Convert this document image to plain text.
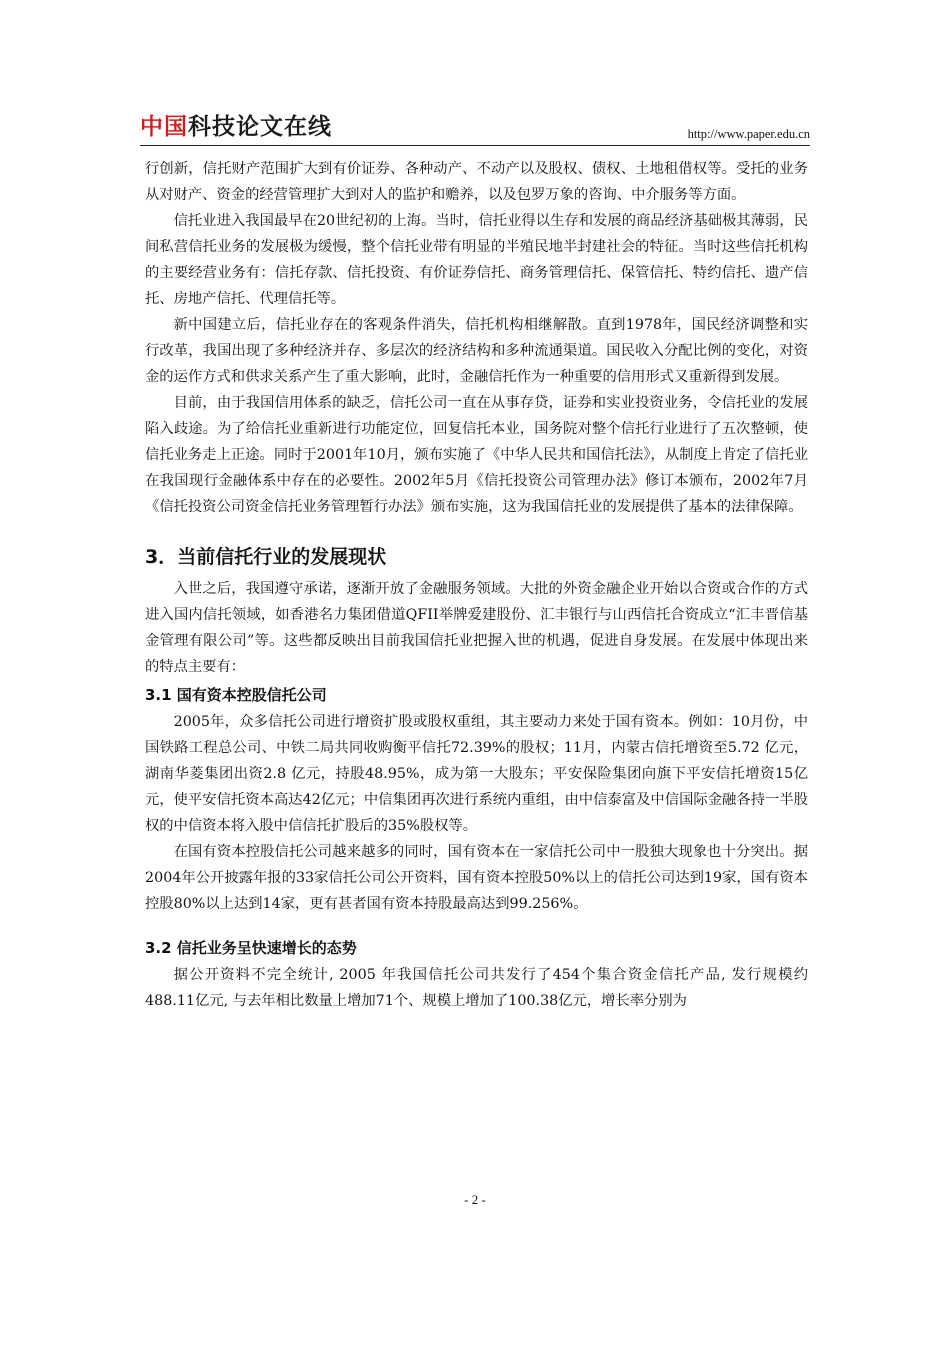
中国科技论文在线	http://www.paper.edu.cn

行创新，信托财产范围扩大到有价证券、各种动产、不动产以及股权、债权、土地租借权等。受托的业务从对财产、资金的经营管理扩大到对人的监护和赡养，以及包罗万象的咨询、中介服务等方面。

信托业进入我国最早在20世纪初的上海。当时，信托业得以生存和发展的商品经济基础极其薄弱，民间私营信托业务的发展极为缓慢，整个信托业带有明显的半殖民地半封建社会的特征。当时这些信托机构的主要经营业务有：信托存款、信托投资、有价证券信托、商务管理信托、保管信托、特约信托、遗产信托、房地产信托、代理信托等。

新中国建立后，信托业存在的客观条件消失，信托机构相继解散。直到1978年，国民经济调整和实行改革，我国出现了多种经济并存、多层次的经济结构和多种流通渠道。国民收入分配比例的变化，对资金的运作方式和供求关系产生了重大影响，此时，金融信托作为一种重要的信用形式又重新得到发展。

目前，由于我国信用体系的缺乏，信托公司一直在从事存贷，证券和实业投资业务，令信托业的发展陷入歧途。为了给信托业重新进行功能定位，回复信托本业，国务院对整个信托行业进行了五次整顿，使信托业务走上正途。同时于2001年10月，颁布实施了《中华人民共和国信托法》，从制度上肯定了信托业在我国现行金融体系中存在的必要性。2002年5月《信托投资公司管理办法》修订本颁布，2002年7月《信托投资公司资金信托业务管理暂行办法》颁布实施，这为我国信托业的发展提供了基本的法律保障。

3．当前信托行业的发展现状

入世之后，我国遵守承诺，逐渐开放了金融服务领域。大批的外资金融企业开始以合资或合作的方式进入国内信托领域，如香港名力集团借道QFII举牌爱建股份、汇丰银行与山西信托合资成立“汇丰晋信基金管理有限公司”等。这些都反映出目前我国信托业把握入世的机遇，促进自身发展。在发展中体现出来的特点主要有：

3.1 国有资本控股信托公司

2005年，众多信托公司进行增资扩股或股权重组，其主要动力来处于国有资本。例如：10月份，中国铁路工程总公司、中铁二局共同收购衡平信托72.39%的股权；11月，内蒙古信托增资至5.72 亿元，湖南华菱集团出资2.8 亿元，持股48.95%，成为第一大股东；平安保险集团向旗下平安信托增资15亿元，使平安信托资本高达42亿元；中信集团再次进行系统内重组，由中信泰富及中信国际金融各持一半股权的中信资本将入股中信信托扩股后的35%股权等。

在国有资本控股信托公司越来越多的同时，国有资本在一家信托公司中一股独大现象也十分突出。据2004年公开披露年报的33家信托公司公开资料，国有资本控股50%以上的信托公司达到19家，国有资本控股80%以上达到14家，更有甚者国有资本持股最高达到99.256%。

3.2 信托业务呈快速增长的态势

据公开资料不完全统计, 2005 年我国信托公司共发行了454个集合资金信托产品, 发行规模约488.11亿元, 与去年相比数量上增加71个、规模上增加了100.38亿元，增长率分别为

- 2 -
